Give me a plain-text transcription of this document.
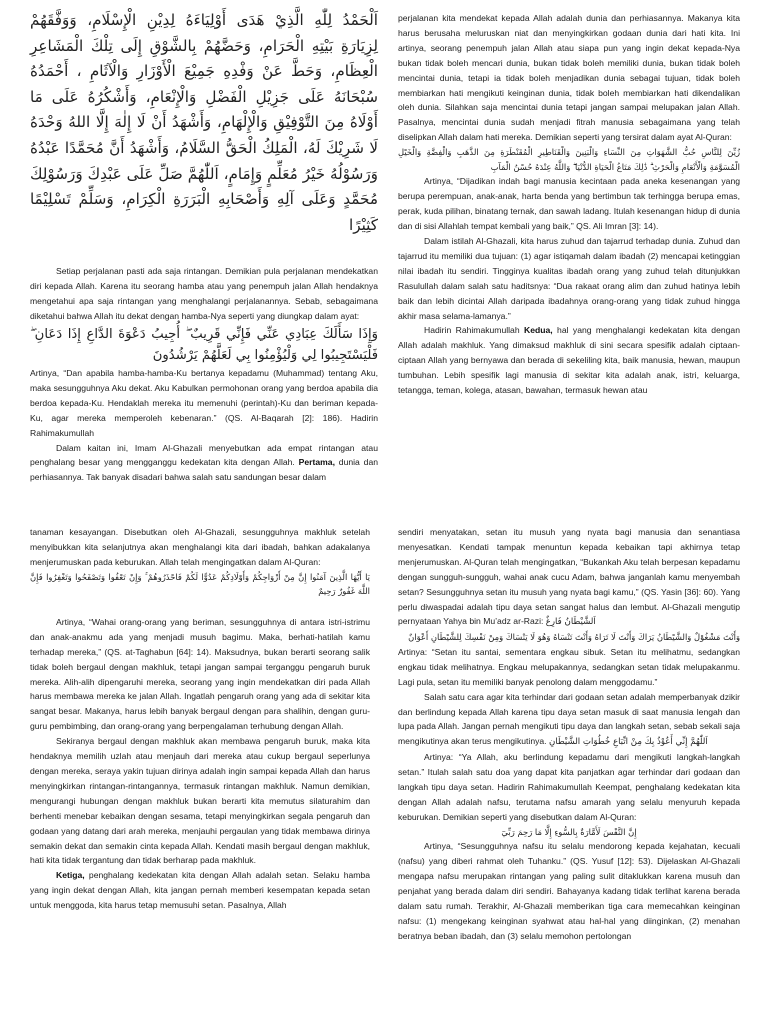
اَلْحَمْدُ لِلّٰهِ الَّذِيْ هَدَى أَوْلِيَاءَهُ لِدِيْنِ الْإِسْلَامِ، وَوَفَّقَهُمْ لِزِيَارَةِ بَيْتِهِ الْحَرَامِ، وَحَضَّهُمْ بِالشَّوْقِ إِلَى تِلْكَ الْمَشَاعِرِ الْعِظَامِ، وَحَطَّ عَنْ وَفْدِهِ جَمِيْعَ الْأَوْزَارِ وَالْآثَامِ ، أَحْمَدُهُ سُبْحَانَهُ عَلَى جَزِيْلِ الْفَضْلِ وَالْإِنْعَامِ، وَأَشْكُرُهُ عَلَى مَا أَوْلَاهُ مِنَ التَّوْفِيْقِ وَالْإِلْهَامِ، وَأَشْهَدُ أَنْ لَا إِلٰهَ إِلَّا اللهُ وَحْدَهُ لَا شَرِيْكَ لَهُ، الْمَلِكُ الْحَقُّ السَّلَامُ، وَأَشْهَدُ أَنَّ مُحَمَّدًا عَبْدُهُ وَرَسُوْلُهُ خَيْرُ مُعَلِّمٍ وَإِمَامٍ، اَللّٰهُمَّ صَلِّ عَلَى عَبْدِكَ وَرَسُوْلِكَ مُحَمَّدٍ وَعَلَى آلِهِ وَأَصْحَابِهِ الْبَرَرَةِ الْكِرَامِ، وَسَلِّمْ تَسْلِيْمًا كَثِيْرًا

Setiap perjalanan pasti ada saja rintangan. Demikian pula perjalanan mendekatkan diri kepada Allah. Karena itu seorang hamba atau yang penempuh jalan Allah hendaknya mengetahui apa saja rintangan yang menghalangi perjalanannya. Sebab, sebagaimana diketahui bahwa Allah itu dekat dengan hamba-Nya seperti yang diungkap dalam ayat:

وَإِذَا سَأَلَكَ عِبَادِي عَنِّي فَإِنِّي قَرِيبٌ ۖ أُجِيبُ دَعْوَةَ الدَّاعِ إِذَا دَعَانِ ۖ فَلْيَسْتَجِيبُوا لِي وَلْيُؤْمِنُوا بِي لَعَلَّهُمْ يَرْشُدُونَ

Artinya, “Dan apabila hamba-hamba-Ku bertanya kepadamu (Muhammad) tentang Aku, maka sesungguhnya Aku dekat. Aku Kabulkan permohonan orang yang berdoa apabila dia berdoa kepada-Ku. Hendaklah mereka itu memenuhi (perintah)-Ku dan beriman kepada-Ku, agar mereka memperoleh kebenaran.” (QS. Al-Baqarah [2]: 186). Hadirin Rahimakumullah

Dalam kaitan ini, Imam Al-Ghazali menyebutkan ada empat rintangan atau penghalang besar yang mengganggu kedekatan kita dengan Allah. Pertama, dunia dan perhiasannya. Tak banyak disadari bahwa salah satu sandungan besar dalam

perjalanan kita mendekat kepada Allah adalah dunia dan perhiasannya. Makanya kita harus berusaha meluruskan niat dan menyingkirkan godaan dunia dari hati kita. Ini artinya, seorang penempuh jalan Allah atau siapa pun yang ingin dekat kepada-Nya bukan tidak boleh mencari dunia, bukan tidak boleh memiliki dunia, bukan tidak boleh mencintai dunia, tetapi ia tidak boleh menjadikan dunia sebagai tujuan, tidak boleh membiarkan hati mengikuti keinginan dunia, tidak boleh membiarkan hati dikendalikan oleh dunia. Silahkan saja mencintai dunia tetapi jangan sampai melupakan jalan Allah. Pasalnya, mencintai dunia sudah menjadi fitrah manusia sebagaimana yang telah diselipkan Allah dalam hati mereka. Demikian seperti yang tersirat dalam ayat Al-Quran:

زُيِّنَ لِلنَّاسِ حُبُّ الشَّهَوَاتِ مِنَ النِّسَاءِ وَالْبَنِينَ وَالْقَنَاطِيرِ الْمُقَنْطَرَةِ مِنَ الذَّهَبِ وَالْفِضَّةِ وَالْخَيْلِ الْمُسَوَّمَةِ وَالْأَنْعَامِ وَالْحَرْثِ ۗ ذَٰلِكَ مَتَاعُ الْحَيَاةِ الدُّنْيَا ۖ وَاللَّهُ عِنْدَهُ حُسْنُ الْمَآبِ

Artinya, “Dijadikan indah bagi manusia kecintaan pada aneka kesenangan yang berupa perempuan, anak-anak, harta benda yang bertimbun tak terhingga berupa emas, perak, kuda pilihan, binatang ternak, dan sawah ladang. Itulah kesenangan hidup di dunia dan di sisi Allahlah tempat kembali yang baik,” QS. Ali Imran [3]: 14).

Dalam istilah Al-Ghazali, kita harus zuhud dan tajarrud terhadap dunia. Zuhud dan tajarrud itu memiliki dua tujuan: (1) agar istiqamah dalam ibadah (2) mencapai ketinggian nilai ibadah itu sendiri. Tingginya kualitas ibadah orang yang zuhud telah ditunjukkan Rasulullah dalam salah satu haditsnya: “Dua rakaat orang alim dan zuhud hatinya lebih baik dan lebih dicintai Allah daripada ibadahnya orang-orang yang tidak zuhud hingga akhir masa selama-lamanya.”

Hadirin Rahimakumullah Kedua, hal yang menghalangi kedekatan kita dengan Allah adalah makhluk. Yang dimaksud makhluk di sini secara spesifik adalah ciptaan-ciptaan Allah yang bernyawa dan berada di sekeliling kita, baik manusia, hewan, maupun tumbuhan. Lebih spesifik lagi manusia di sekitar kita adalah anak, istri, keluarga, tetangga, teman, kolega, atasan, bawahan, termasuk hewan atau

tanaman kesayangan. Disebutkan oleh Al-Ghazali, sesungguhnya makhluk setelah menyibukkan kita selanjutnya akan menghalangi kita dari ibadah, bahkan adakalanya menjerumuskan pada keburukan. Allah telah mengingatkan dalam Al-Quran:

يَا أَيُّهَا الَّذِينَ آمَنُوا إِنَّ مِنْ أَزْوَاجِكُمْ وَأَوْلَادِكُمْ عَدُوًّا لَكُمْ فَاحْذَرُوهُمْ ۚ وَإِنْ تَعْفُوا وَتَصْفَحُوا وَتَغْفِرُوا فَإِنَّ اللَّهَ غَفُورٌ رَحِيمٌ

Artinya, “Wahai orang-orang yang beriman, sesungguhnya di antara istri-istrimu dan anak-anakmu ada yang menjadi musuh bagimu. Maka, berhati-hatilah kamu terhadap mereka,” (QS. at-Taghabun [64]: 14). Maksudnya, bukan berarti seorang salik tidak boleh bergaul dengan makhluk, tetapi jangan sampai terganggu pengaruh buruk mereka. Alih-alih dipengaruhi mereka, seorang yang ingin mendekatkan diri pada Allah harus membawa mereka ke jalan Allah. Ingatlah pengaruh orang yang ada di sekitar kita sangat besar. Makanya, harus lebih banyak bergaul dengan para shalihin, dengan guru-guru pembimbing, dan orang-orang yang berpengalaman terhubung dengan Allah.

Sekiranya bergaul dengan makhluk akan membawa pengaruh buruk, maka kita hendaknya memilih uzlah atau menjauh dari mereka atau cukup bergaul seperlunya dengan mereka, seraya yakin tujuan dirinya adalah ingin sampai kepada Allah dan harus menyingkirkan rintangan-rintangannya, termasuk rintangan makhluk. Namun demikian, mengurangi hubungan dengan makhluk bukan berarti kita memutus silaturahim dan berhenti menebar kebaikan dengan sesama, tetapi menyingkirkan segala pengaruh dan godaan yang datang dari arah mereka, menjauhi pergaulan yang tidak membawa dirinya semakin dekat dan semakin cinta kepada Allah. Kendati masih bergaul dengan makhluk, hati kita tidak tergantung dan tidak berharap pada makhluk.

Ketiga, penghalang kedekatan kita dengan Allah adalah setan. Selaku hamba yang ingin dekat dengan Allah, kita jangan pernah memberi kesempatan kepada setan untuk menggoda, kita harus tetap memusuhi setan. Pasalnya, Allah

sendiri menyatakan, setan itu musuh yang nyata bagi manusia dan senantiasa menyesatkan. Kendati tampak menuntun kepada kebaikan tapi akhirnya tetap menjerumuskan. Al-Quran telah mengingatkan, “Bukankah Aku telah berpesan kepadamu dengan sungguh-sungguh, wahai anak cucu Adam, bahwa janganlah kamu menyembah setan? Sesungguhnya setan itu musuh yang nyata bagi kamu,” (QS. Yasin [36]: 60). Yang perlu diwaspadai adalah tipu daya setan sangat halus dan lembut. Al-Ghazali mengutip pernyataan Yahya bin Mu’adz ar-Razi: اَلشَّيْطَانُ فَارِغٌ

وَأَنْتَ مَشْغُوْلٌ وَالشَّيْطَانُ يَرَاكَ وَأَنْتَ لَا تَرَاهُ وَأَنْتَ تَنْسَاهُ وَهُوَ لَا يَنْسَاكَ وَمِنْ نَفْسِكَ لِلشَّيْطَانِ أَعْوَانٌ

Artinya: “Setan itu santai, sementara engkau sibuk. Setan itu melihatmu, sedangkan engkau tidak melihatnya. Engkau melupakannya, sedangkan setan tidak melupakanmu. Lagi pula, setan itu memiliki banyak penolong dalam menggodamu.”

Salah satu cara agar kita terhindar dari godaan setan adalah memperbanyak dzikir dan berlindung kepada Allah karena tipu daya setan masuk di saat manusia lengah dan lupa pada Allah. Jangan pernah mengikuti tipu daya dan langkah setan, sebab sekali saja mengikutinya akan terus mengikutinya. اَللّٰهُمَّ إِنِّي أَعُوْذُ بِكَ مِنْ اتِّبَاعِ خُطُوَاتِ الشَّيْطَانِ

Artinya: “Ya Allah, aku berlindung kepadamu dari mengikuti langkah-langkah setan.” Itulah salah satu doa yang dapat kita panjatkan agar terhindar dari godaan dan langkah tipu daya setan. Hadirin Rahimakumullah Keempat, penghalang kedekatan kita dengan Allah adalah nafsu, terutama nafsu amarah yang selalu menyuruh kepada keburukan. Demikian seperti yang disebutkan dalam Al-Quran:

إِنَّ النَّفْسَ لَأَمَّارَةٌ بِالسُّوءِ إِلَّا مَا رَحِمَ رَبِّيٓ

Artinya, “Sesungguhnya nafsu itu selalu mendorong kepada kejahatan, kecuali (nafsu) yang diberi rahmat oleh Tuhanku.” (QS. Yusuf [12]: 53). Dijelaskan Al-Ghazali mengapa nafsu merupakan rintangan yang paling sulit ditaklukkan karena musuh dan penjahat yang berada dalam diri sendiri. Bahayanya kadang tidak terlihat karena berada dalam satu rumah. Terakhir, Al-Ghazali memberikan tiga cara memecahkan keinginan nafsu: (1) mengekang keinginan syahwat atau hal-hal yang diinginkan, (2) menahan beratnya beban ibadah, dan (3) selalu memohon pertolongan
